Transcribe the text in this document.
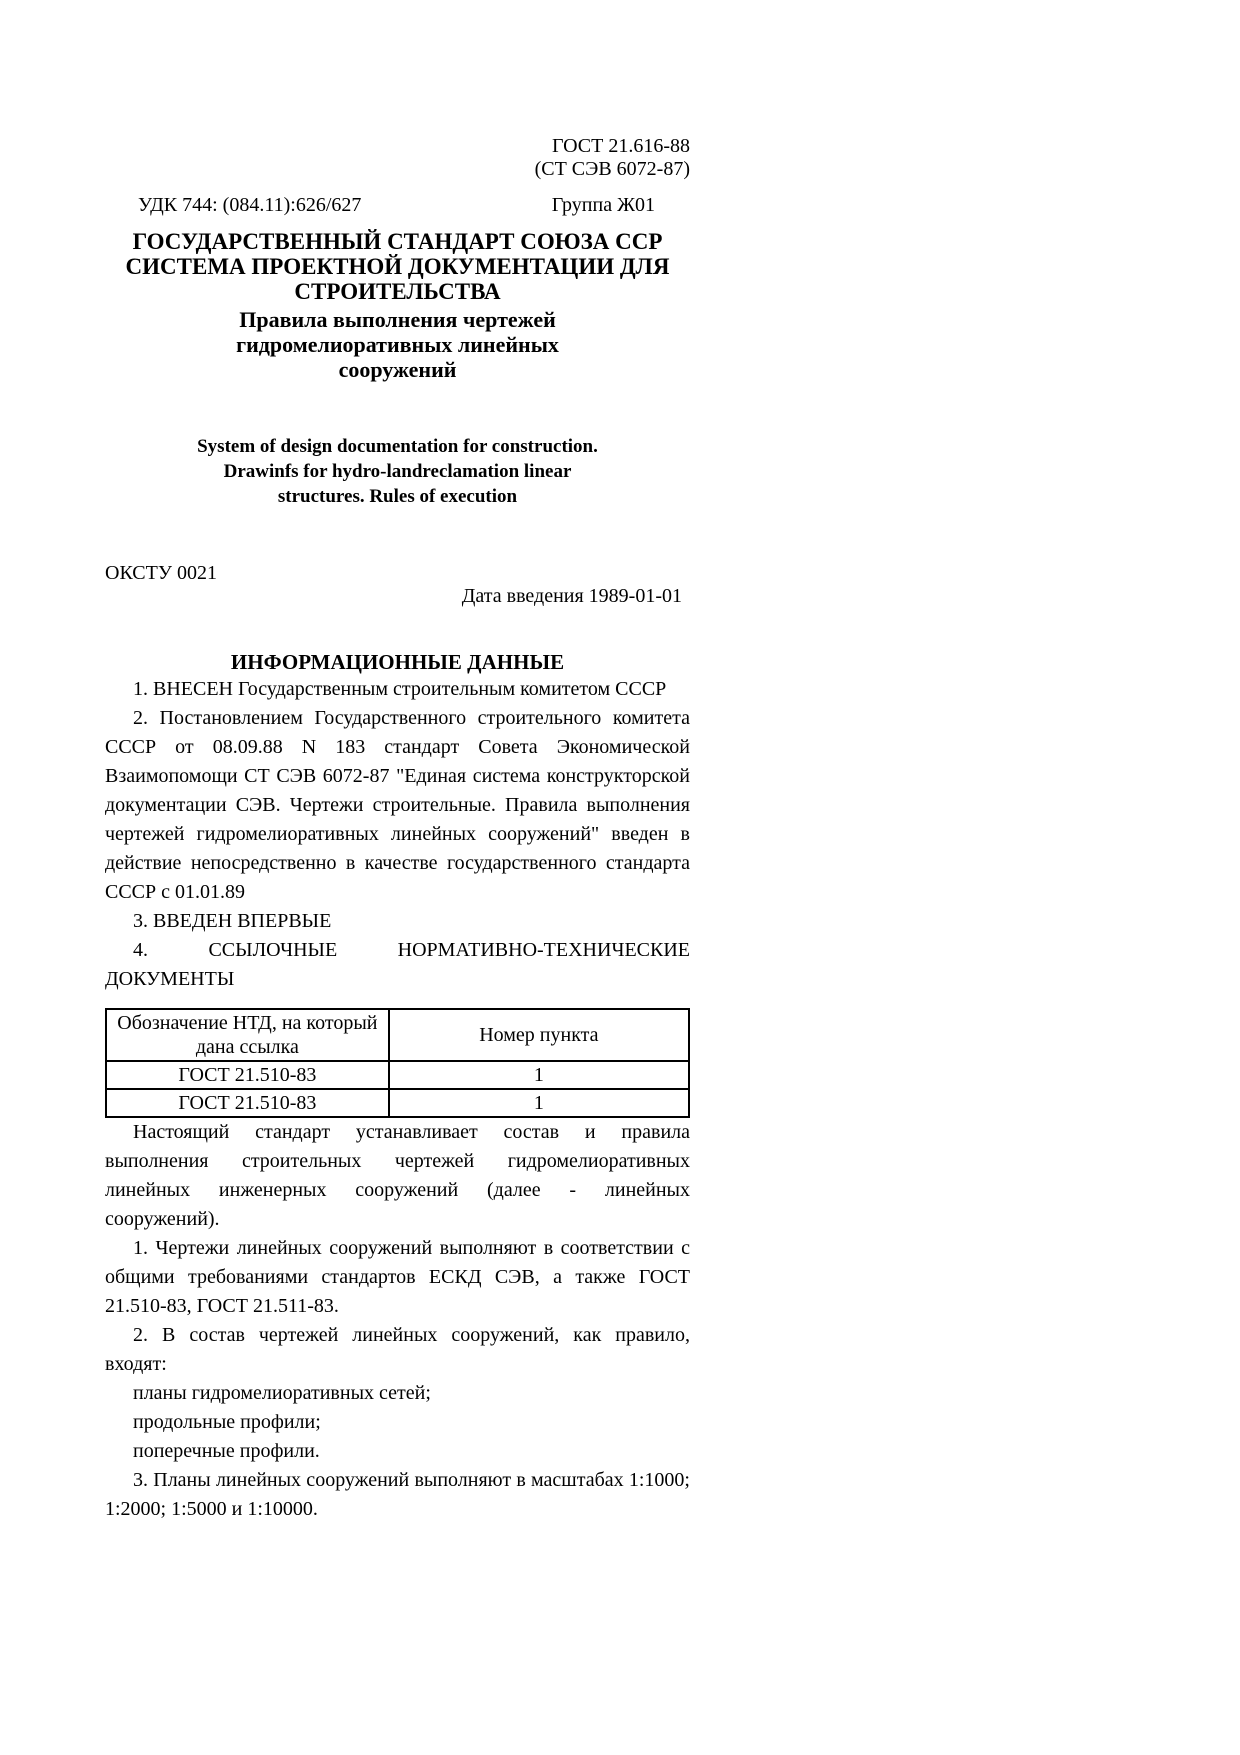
ГОСТ 21.616-88
(СТ СЭВ 6072-87)
УДК 744: (084.11):626/627	Группа Ж01
ГОСУДАРСТВЕННЫЙ СТАНДАРТ СОЮЗА ССР
СИСТЕМА ПРОЕКТНОЙ ДОКУМЕНТАЦИИ ДЛЯ
СТРОИТЕЛЬСТВА
Правила выполнения чертежей
гидромелиоративных линейных
сооружений
System of design documentation for construction.
Drawinfs for hydro-landreclamation linear
structures. Rules of execution
ОКСТУ 0021
Дата введения 1989-01-01
ИНФОРМАЦИОННЫЕ ДАННЫЕ

1. ВНЕСЕН Государственным строительным комитетом СССР

2. Постановлением Государственного строительного комитета СССР от 08.09.88 N 183 стандарт Совета Экономической Взаимопомощи СТ СЭВ 6072-87 "Единая система конструкторской документации СЭВ. Чертежи строительные. Правила выполнения чертежей гидромелиоративных линейных сооружений" введен в действие непосредственно в качестве государственного стандарта СССР с 01.01.89

3. ВВЕДЕН ВПЕРВЫЕ

4. ССЫЛОЧНЫЕ НОРМАТИВНО-ТЕХНИЧЕСКИЕ ДОКУМЕНТЫ

Обозначение НТД, на который дана ссылка	Номер пункта
ГОСТ 21.510-83	1
ГОСТ 21.510-83	1

Настоящий стандарт устанавливает состав и правила выполнения строительных чертежей гидромелиоративных линейных инженерных сооружений (далее - линейных сооружений).

1. Чертежи линейных сооружений выполняют в соответствии с общими требованиями стандартов ЕСКД СЭВ, а также ГОСТ 21.510-83, ГОСТ 21.511-83.

2. В состав чертежей линейных сооружений, как правило, входят:

планы гидромелиоративных сетей;

продольные профили;

поперечные профили.

3. Планы линейных сооружений выполняют в масштабах 1:1000; 1:2000; 1:5000 и 1:10000.
